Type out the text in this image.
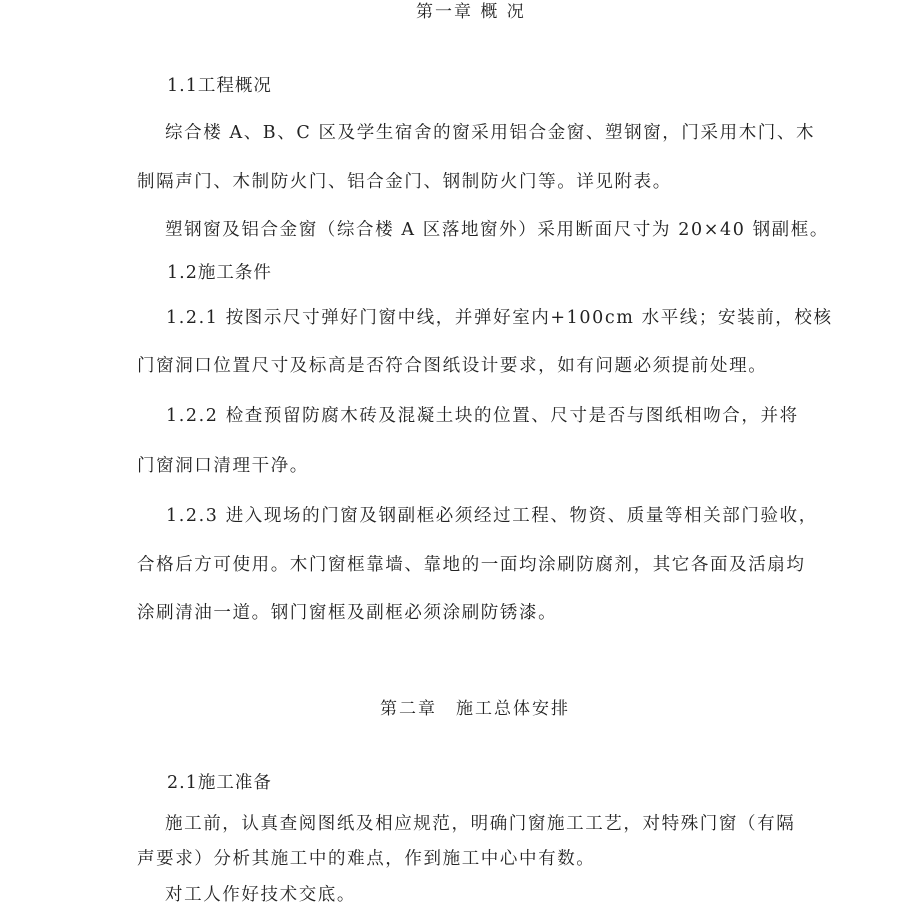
第一章 概 况
1.1工程概况
综合楼 A、B、C 区及学生宿舍的窗采用铝合金窗、塑钢窗，门采用木门、木
制隔声门、木制防火门、铝合金门、钢制防火门等。详见附表。
塑钢窗及铝合金窗（综合楼 A 区落地窗外）采用断面尺寸为 20×40 钢副框。
1.2施工条件
1.2.1 按图示尺寸弹好门窗中线，并弹好室内+100cm 水平线；安装前，校核
门窗洞口位置尺寸及标高是否符合图纸设计要求，如有问题必须提前处理。
1.2.2 检查预留防腐木砖及混凝土块的位置、尺寸是否与图纸相吻合，并将
门窗洞口清理干净。
1.2.3 进入现场的门窗及钢副框必须经过工程、物资、质量等相关部门验收，
合格后方可使用。木门窗框靠墙、靠地的一面均涂刷防腐剂，其它各面及活扇均
涂刷清油一道。钢门窗框及副框必须涂刷防锈漆。
第二章　施工总体安排
2.1施工准备
施工前，认真查阅图纸及相应规范，明确门窗施工工艺，对特殊门窗（有隔
声要求）分析其施工中的难点，作到施工中心中有数。
对工人作好技术交底。
